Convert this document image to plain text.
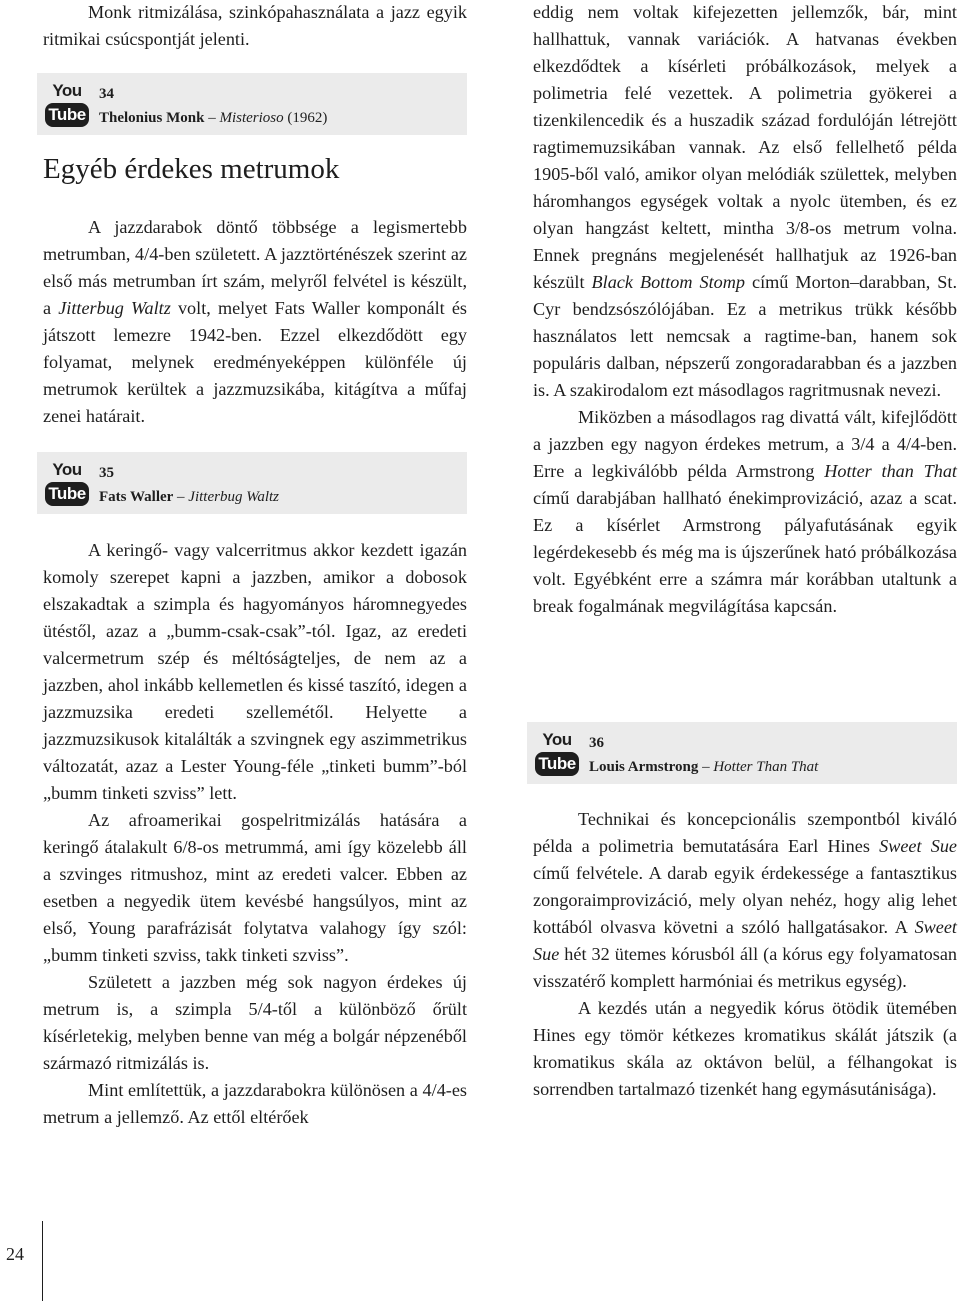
Monk ritmizálása, szinkópahasználata a jazz egyik ritmikai csúcspontját jelenti.

You
Tube
34
Thelonius Monk – Misterioso (1962)
Egyéb érdekes metrumok

A jazzdarabok döntő többsége a legismertebb metrumban, 4/4-ben született. A jazztörténészek szerint az első más metrumban írt szám, melyről felvétel is készült, a Jitterbug Waltz volt, melyet Fats Waller komponált és játszott lemezre 1942-ben. Ezzel elkezdődött egy folyamat, melynek eredményeképpen különféle új metrumok kerültek a jazzmuzsikába, kitágítva a műfaj zenei határait.

You
Tube
35
Fats Waller – Jitterbug Waltz

A keringő- vagy valcerritmus akkor kezdett igazán komoly szerepet kapni a jazzben, amikor a dobosok elszakadtak a szimpla és hagyományos háromnegyedes ütéstől, azaz a „bumm-csak-csak”-tól. Igaz, az eredeti valcermetrum szép és méltóságteljes, de nem az a jazzben, ahol inkább kellemetlen és kissé taszító, idegen a jazzmuzsika eredeti szellemétől. Helyette a jazzmuzsikusok kitalálták a szvingnek egy aszimmetrikus változatát, azaz a Lester Young-féle „tinketi bumm”-ból „bumm tinketi szviss” lett.

Az afroamerikai gospelritmizálás hatására a keringő átalakult 6/8-os metrummá, ami így közelebb áll a szvinges ritmushoz, mint az eredeti valcer. Ebben az esetben a negyedik ütem kevésbé hangsúlyos, mint az első, Young parafrázisát folytatva valahogy így szól: „bumm tinketi szviss, takk tinketi szviss”.

Született a jazzben még sok nagyon érdekes új metrum is, a szimpla 5/4-től a különböző őrült kísérletekig, melyben benne van még a bolgár népzenéből származó ritmizálás is.

Mint említettük, a jazzdarabokra különösen a 4/4-es metrum a jellemző. Az ettől eltérőek

eddig nem voltak kifejezetten jellemzők, bár, mint hallhattuk, vannak variációk. A hatvanas években elkezdődtek a kísérleti próbálkozások, melyek a polimetria felé vezettek. A polimetria gyökerei a tizenkilencedik és a huszadik század fordulóján létrejött ragtimemuzsikában vannak. Az első fellelhető példa 1905-ből való, amikor olyan melódiák születtek, melyben háromhangos egységek voltak a nyolc ütemben, és ez olyan hangzást keltett, mintha 3/8-os metrum volna. Ennek pregnáns megjelenését hallhatjuk az 1926-ban készült Black Bottom Stomp című Morton–darabban, St. Cyr bendzsószólójában. Ez a metrikus trükk később használatos lett nemcsak a ragtime-ban, hanem sok populáris dalban, népszerű zongoradarabban és a jazzben is. A szakirodalom ezt másodlagos ragritmusnak nevezi.

Miközben a másodlagos rag divattá vált, kifejlődött a jazzben egy nagyon érdekes metrum, a 3/4 a 4/4-ben. Erre a legkiválóbb példa Armstrong Hotter than That című darabjában hallható énekimprovizáció, azaz a scat. Ez a kísérlet Armstrong pályafutásának egyik legérdekesebb és még ma is újszerűnek ható próbálkozása volt. Egyébként erre a számra már korábban utaltunk a break fogalmának megvilágítása kapcsán.

You
Tube
36
Louis Armstrong – Hotter Than That

Technikai és koncepcionális szempontból kiváló példa a polimetria bemutatására Earl Hines Sweet Sue című felvétele. A darab egyik érdekessége a fantasztikus zongoraimprovizáció, mely olyan nehéz, hogy alig lehet kottából olvasva követni a szóló hallgatásakor. A Sweet Sue hét 32 ütemes kórusból áll (a kórus egy folyamatosan visszatérő komplett harmóniai és metrikus egység).

A kezdés után a negyedik kórus ötödik ütemében Hines egy tömör kétkezes kromatikus skálát játszik (a kromatikus skála az oktávon belül, a félhangokat is sorrendben tartalmazó tizenkét hang egymásutánisága).

24
